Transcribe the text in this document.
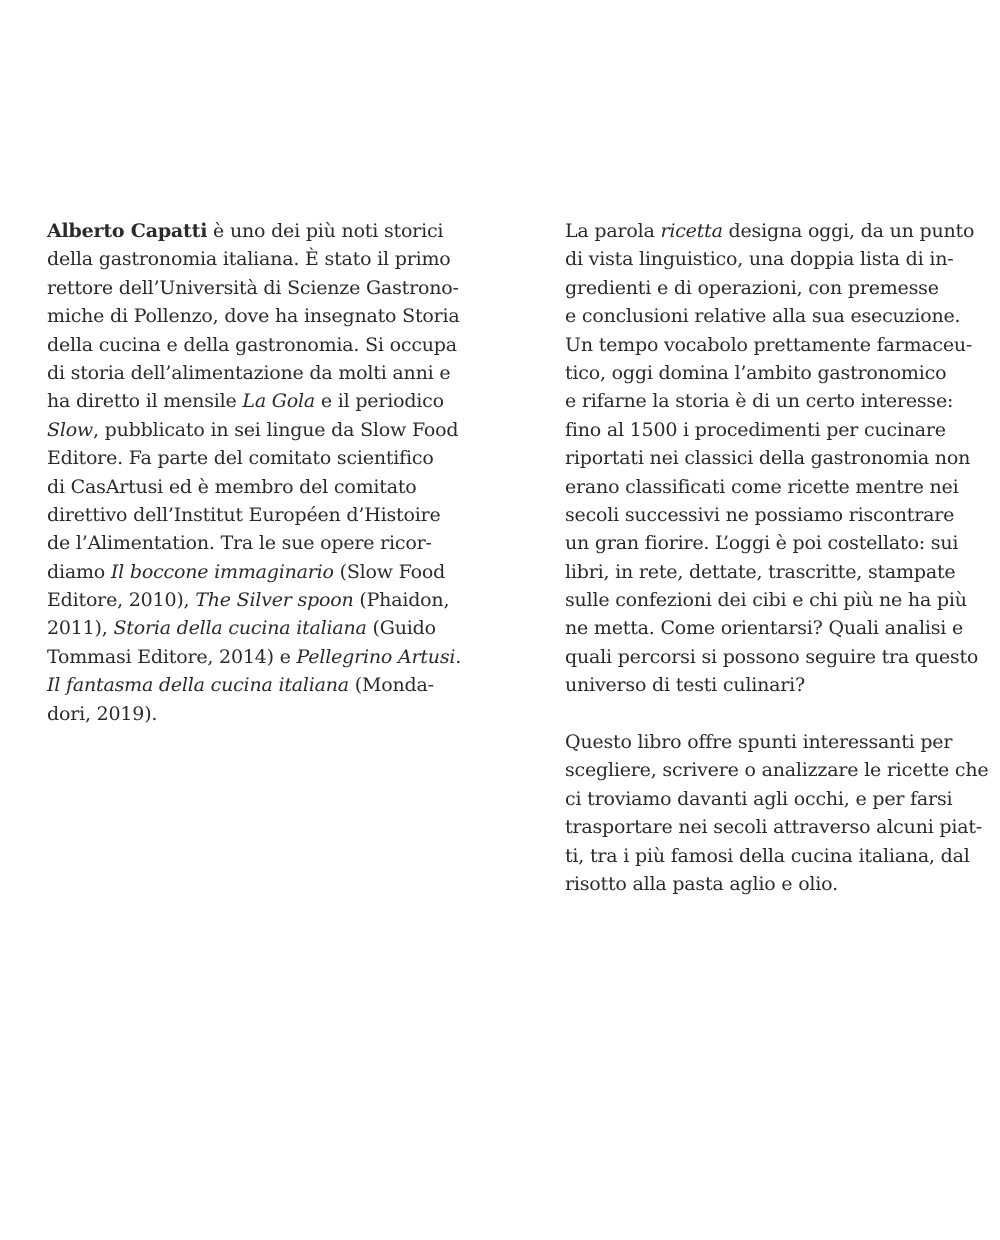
Alberto Capatti è uno dei più noti storici
della gastronomia italiana. È stato il primo
rettore dell’Università di Scienze Gastrono-
miche di Pollenzo, dove ha insegnato Storia
della cucina e della gastronomia. Si occupa
di storia dell’alimentazione da molti anni e
ha diretto il mensile La Gola e il periodico
Slow, pubblicato in sei lingue da Slow Food
Editore. Fa parte del comitato scientifico
di CasArtusi ed è membro del comitato
direttivo dell’Institut Européen d’Histoire
de l’Alimentation. Tra le sue opere ricor-
diamo Il boccone immaginario (Slow Food
Editore, 2010), The Silver spoon (Phaidon,
2011), Storia della cucina italiana (Guido
Tommasi Editore, 2014) e Pellegrino Artusi.
Il fantasma della cucina italiana (Monda-
dori, 2019).
La parola ricetta designa oggi, da un punto
di vista linguistico, una doppia lista di in-
gredienti e di operazioni, con premesse
e conclusioni relative alla sua esecuzione.
Un tempo vocabolo prettamente farmaceu-
tico, oggi domina l’ambito gastronomico
e rifarne la storia è di un certo interesse:
fino al 1500 i procedimenti per cucinare
riportati nei classici della gastronomia non
erano classificati come ricette mentre nei
secoli successivi ne possiamo riscontrare
un gran fiorire. L’oggi è poi costellato: sui
libri, in rete, dettate, trascritte, stampate
sulle confezioni dei cibi e chi più ne ha più
ne metta. Come orientarsi? Quali analisi e
quali percorsi si possono seguire tra questo
universo di testi culinari?
Questo libro offre spunti interessanti per
scegliere, scrivere o analizzare le ricette che
ci troviamo davanti agli occhi, e per farsi
trasportare nei secoli attraverso alcuni piat-
ti, tra i più famosi della cucina italiana, dal
risotto alla pasta aglio e olio.
